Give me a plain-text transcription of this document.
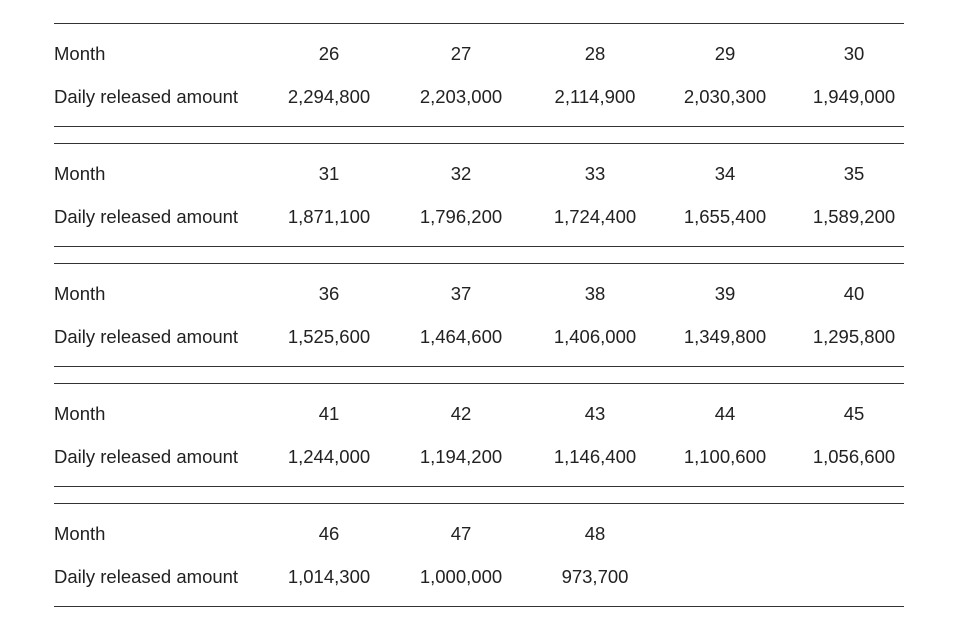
Month	26	27	28	29	30
Daily released amount	2,294,800	2,203,000	2,114,900	2,030,300	1,949,000
Month	31	32	33	34	35
Daily released amount	1,871,100	1,796,200	1,724,400	1,655,400	1,589,200
Month	36	37	38	39	40
Daily released amount	1,525,600	1,464,600	1,406,000	1,349,800	1,295,800
Month	41	42	43	44	45
Daily released amount	1,244,000	1,194,200	1,146,400	1,100,600	1,056,600
Month	46	47	48
Daily released amount	1,014,300	1,000,000	973,700
